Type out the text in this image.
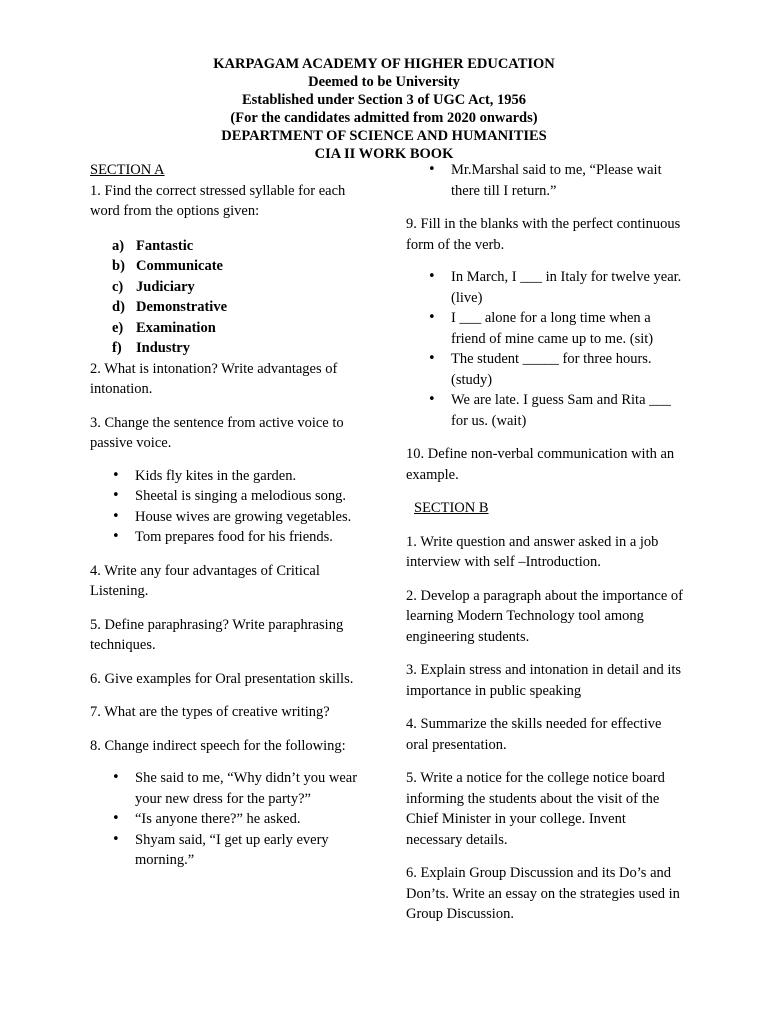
KARPAGAM ACADEMY OF HIGHER EDUCATION
Deemed to be University
Established under Section 3 of UGC Act, 1956
(For the candidates admitted from 2020 onwards)
DEPARTMENT OF SCIENCE AND HUMANITIES
CIA II WORK BOOK
SECTION A

1. Find the correct stressed syllable for each word from the options given:

a) Fantastic
b) Communicate
c) Judiciary
d) Demonstrative
e) Examination
f) Industry

2. What is intonation? Write advantages of intonation.

3. Change the sentence from active voice to passive voice.

• Kids fly kites in the garden.
• Sheetal is singing a melodious song.
• House wives are growing vegetables.
• Tom prepares food for his friends.

4. Write any four advantages of Critical Listening.

5. Define paraphrasing? Write paraphrasing techniques.

6. Give examples for Oral presentation skills.

7. What are the types of creative writing?

8. Change indirect speech for the following:

• She said to me, “Why didn’t you wear your new dress for the party?”
• “Is anyone there?” he asked.
• Shyam said, “I get up early every morning.”
• Mr.Marshal said to me, “Please wait there till I return.”

9. Fill in the blanks with the perfect continuous form of the verb.

• In March, I ___ in Italy for twelve year. (live)
• I ___ alone for a long time when a friend of mine came up to me. (sit)
• The student _____ for three hours. (study)
• We are late. I guess Sam and Rita ___ for us. (wait)

10. Define non-verbal communication with an example.

SECTION B

1. Write question and answer asked in a job interview with self –Introduction.

2. Develop a paragraph about the importance of learning Modern Technology tool among engineering students.

3. Explain stress and intonation in detail and its importance in public speaking

4. Summarize the skills needed for effective oral presentation.

5. Write a notice for the college notice board informing the students about the visit of the Chief Minister in your college. Invent necessary details.

6. Explain Group Discussion and its Do’s and Don’ts. Write an essay on the strategies used in Group Discussion.
